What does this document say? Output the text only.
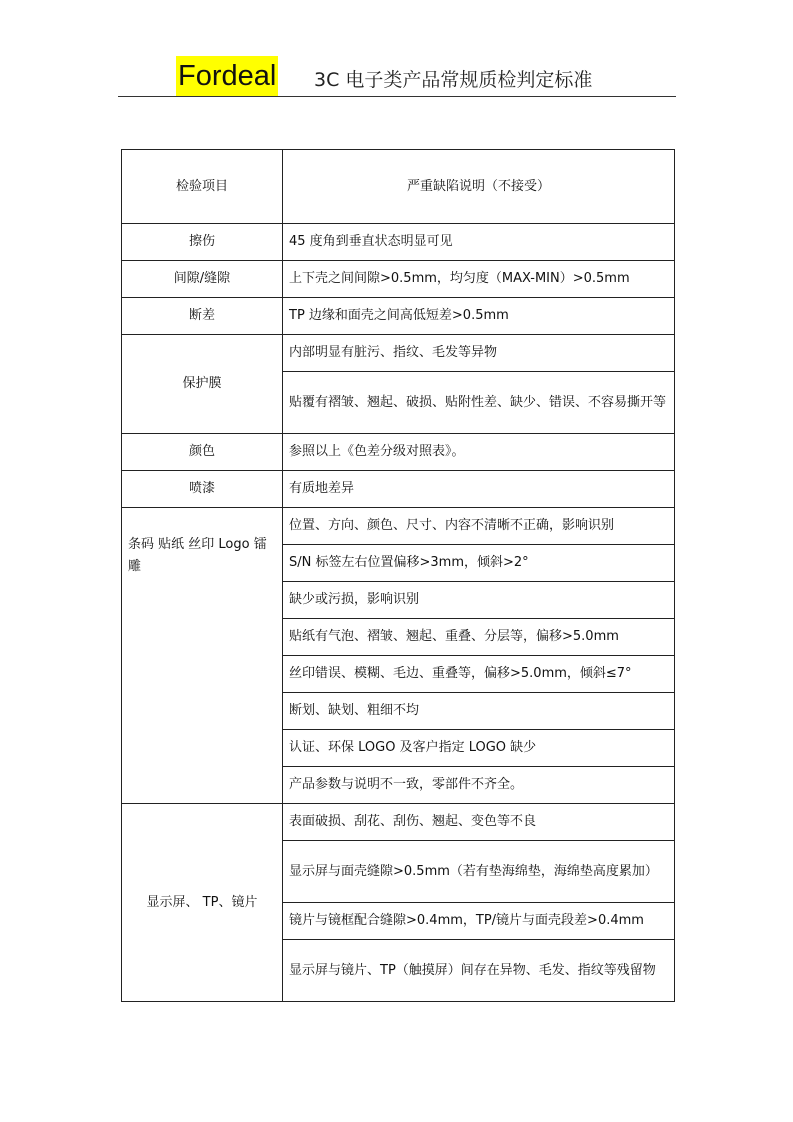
Fordeal 3C 电子类产品常规质检判定标准
检验项目	严重缺陷说明（不接受）
擦伤	45 度角到垂直状态明显可见
间隙/缝隙	上下壳之间间隙>0.5mm，均匀度（MAX-MIN）>0.5mm
断差	TP 边缘和面壳之间高低短差>0.5mm
保护膜	内部明显有脏污、指纹、毛发等异物
	贴覆有褶皱、翘起、破损、贴附性差、缺少、错误、不容易撕开等
颜色	参照以上《色差分级对照表》。
喷漆	有质地差异
条码 贴纸 丝印 Logo 镭雕	位置、方向、颜色、尺寸、内容不清晰不正确，影响识别
	S/N 标签左右位置偏移>3mm，倾斜>2°
	缺少或污损，影响识别
	贴纸有气泡、褶皱、翘起、重叠、分层等，偏移>5.0mm
	丝印错误、模糊、毛边、重叠等，偏移>5.0mm，倾斜≤7°
	断划、缺划、粗细不均
	认证、环保 LOGO 及客户指定 LOGO 缺少
	产品参数与说明不一致，零部件不齐全。
显示屏、 TP、镜片	表面破损、刮花、刮伤、翘起、变色等不良
	显示屏与面壳缝隙>0.5mm（若有垫海绵垫，海绵垫高度累加）
	镜片与镜框配合缝隙>0.4mm，TP/镜片与面壳段差>0.4mm
	显示屏与镜片、TP（触摸屏）间存在异物、毛发、指纹等残留物
